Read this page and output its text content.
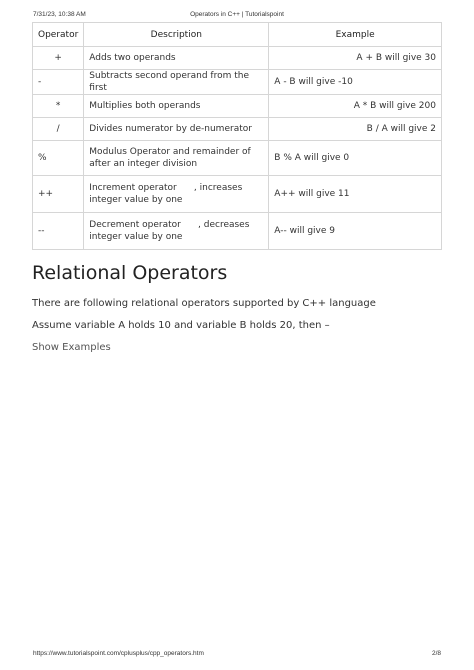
7/31/23, 10:38 AM	Operators in C++ | Tutorialspoint
Operator	Description	Example
+	Adds two operands	A + B will give 30
-	Subtracts second operand from the first	A - B will give -10
*	Multiplies both operands	A * B will give 200
/	Divides numerator by de-numerator	B / A will give 2
%	Modulus Operator and remainder of after an integer division	B % A will give 0
++	Increment operator      , increases integer value by one	A++ will give 11
--	Decrement operator      , decreases integer value by one	A-- will give 9
Relational Operators

There are following relational operators supported by C++ language

Assume variable A holds 10 and variable B holds 20, then –

Show Examples

https://www.tutorialspoint.com/cplusplus/cpp_operators.htm	2/8
